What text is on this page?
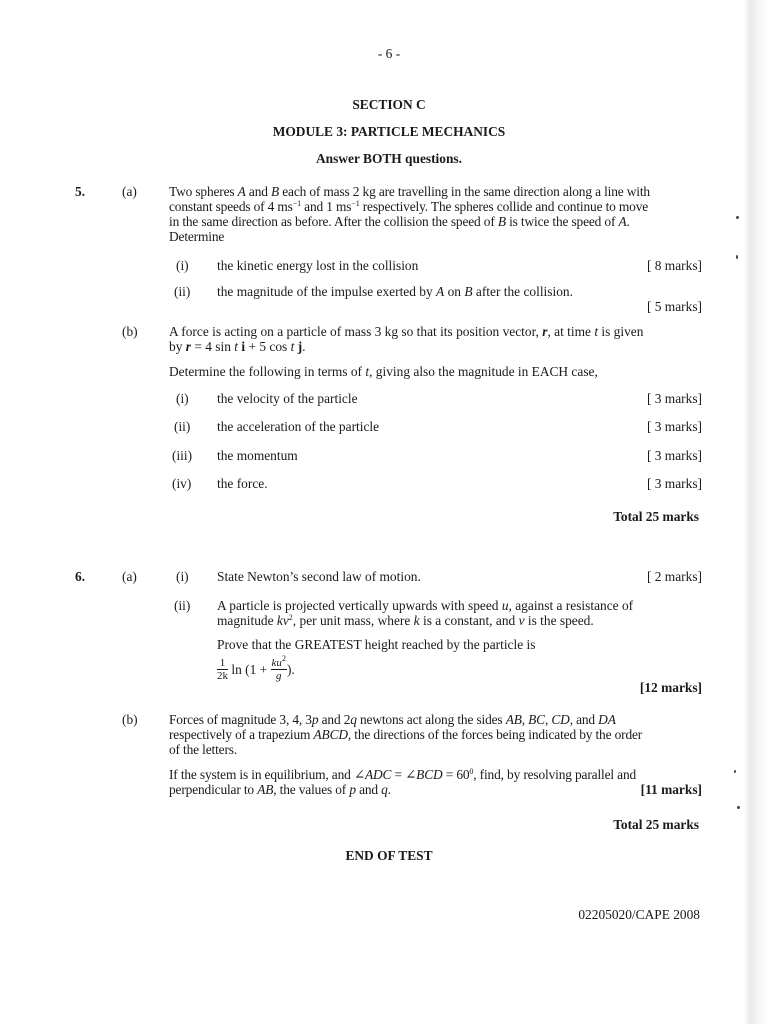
- 6 -
SECTION C
MODULE 3: PARTICLE MECHANICS
Answer BOTH questions.
5.	(a) Two spheres A and B each of mass 2 kg are travelling in the same direction along a line with
constant speeds of 4 $ms^{-1}$ and 1 $ms^{-1}$ respectively. The spheres collide and continue to move
in the same direction as before. After the collision the speed of B is twice the speed of A.
Determine
(i) the kinetic energy lost in the collision	[ 8 marks]
(ii) the magnitude of the impulse exerted by A on B after the collision.
[ 5 marks]
(b) A force is acting on a particle of mass 3 kg so that its position vector, r, at time t is given
by r = 4 sin t i + 5 cos t j.
Determine the following in terms of t, giving also the magnitude in EACH case,
(i) the velocity of the particle	[ 3 marks]
(ii) the acceleration of the particle	[ 3 marks]
(iii) the momentum	[ 3 marks]
(iv) the force.	[ 3 marks]
Total 25 marks
6.	(a)	(i) State Newton’s second law of motion.	[ 2 marks]
(ii) A particle is projected vertically upwards with speed u, against a resistance of
magnitude $kv^2$, per unit mass, where k is a constant, and v is the speed.
Prove that the GREATEST height reached by the particle is
$\frac{1}{2k}$ $\ln (1 + \frac{ku^2}{g}$ ).
[12 marks]
(b) Forces of magnitude 3, 4, 3p and 2q newtons act along the sides AB, BC, CD, and DA
respectively of a trapezium ABCD, the directions of the forces being indicated by the order
of the letters.
If the system is in equilibrium, and ∠ADC = ∠BCD = $60^0$, find, by resolving parallel and
perpendicular to AB, the values of p and q.	[11 marks]
Total 25 marks
END OF TEST
02205020/CAPE 2008
